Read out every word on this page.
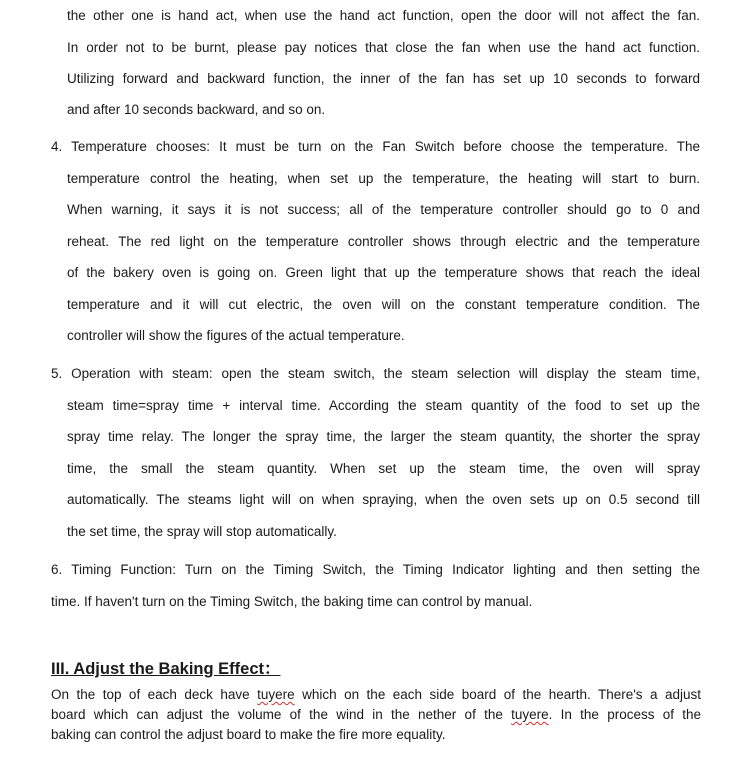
the other one is hand act, when use the hand act function, open the door will not affect the fan.
In order not to be burnt, please pay notices that close the fan when use the hand act function.
Utilizing forward and backward function, the inner of the fan has set up 10 seconds to forward
and after 10 seconds backward, and so on.
4. Temperature chooses: It must be turn on the Fan Switch before choose the temperature. The
temperature control the heating, when set up the temperature, the heating will start to burn.
When warning, it says it is not success; all of the temperature controller should go to 0 and
reheat. The red light on the temperature controller shows through electric and the temperature
of the bakery oven is going on. Green light that up the temperature shows that reach the ideal
temperature and it will cut electric, the oven will on the constant temperature condition. The
controller will show the figures of the actual temperature.
5. Operation with steam: open the steam switch, the steam selection will display the steam time,
steam time=spray time + interval time. According the steam quantity of the food to set up the
spray time relay. The longer the spray time, the larger the steam quantity, the shorter the spray
time, the small the steam quantity. When set up the steam time, the oven will spray
automatically. The steams light will on when spraying, when the oven sets up on 0.5 second till
the set time, the spray will stop automatically.
6. Timing Function: Turn on the Timing Switch, the Timing Indicator lighting and then setting the
time. If haven't turn on the Timing Switch, the baking time can control by manual.
III. Adjust the Baking Effect：
On the top of each deck have tuyere which on the each side board of the hearth. There's a adjust
board which can adjust the volume of the wind in the nether of the tuyere. In the process of the
baking can control the adjust board to make the fire more equality.
